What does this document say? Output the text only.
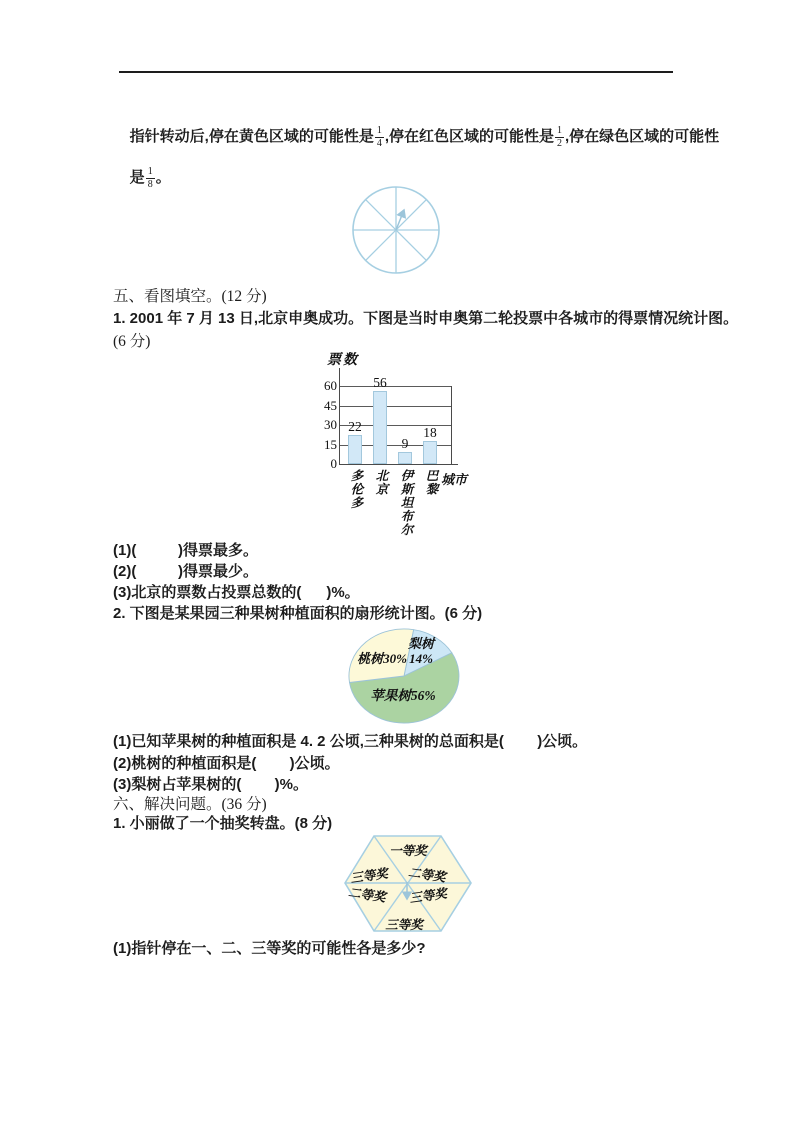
指针转动后,停在黄色区域的可能性是 $\frac{1}{4}$ ,停在红色区域的可能性是 $\frac{1}{2}$ ,停在绿色区域的可能性

是 $\frac{1}{8}$ 。

五、看图填空。(12 分)
1. 2001 年 7 月 13 日,北京申奥成功。下图是当时申奥第二轮投票中各城市的得票情况统计图。
(6 分)
票数
城市
0
15
30
45
60
22
多伦多
56
北京
9
伊斯坦布尔
18
巴黎
(1)(          )得票最多。
(2)(          )得票最少。
(3)北京的票数占投票总数的(      )%。
2. 下图是某果园三种果树种植面积的扇形统计图。(6 分)
桃树30%
梨树
14%
苹果树56%
(1)已知苹果树的种植面积是 4. 2 公顷,三种果树的总面积是(        )公顷。
(2)桃树的种植面积是(        )公顷。
(3)梨树占苹果树的(        )%。
六、解决问题。(36 分)
1. 小丽做了一个抽奖转盘。(8 分)
一等奖
三等奖	二等奖
二等奖	三等奖
三等奖
(1)指针停在一、二、三等奖的可能性各是多少?
